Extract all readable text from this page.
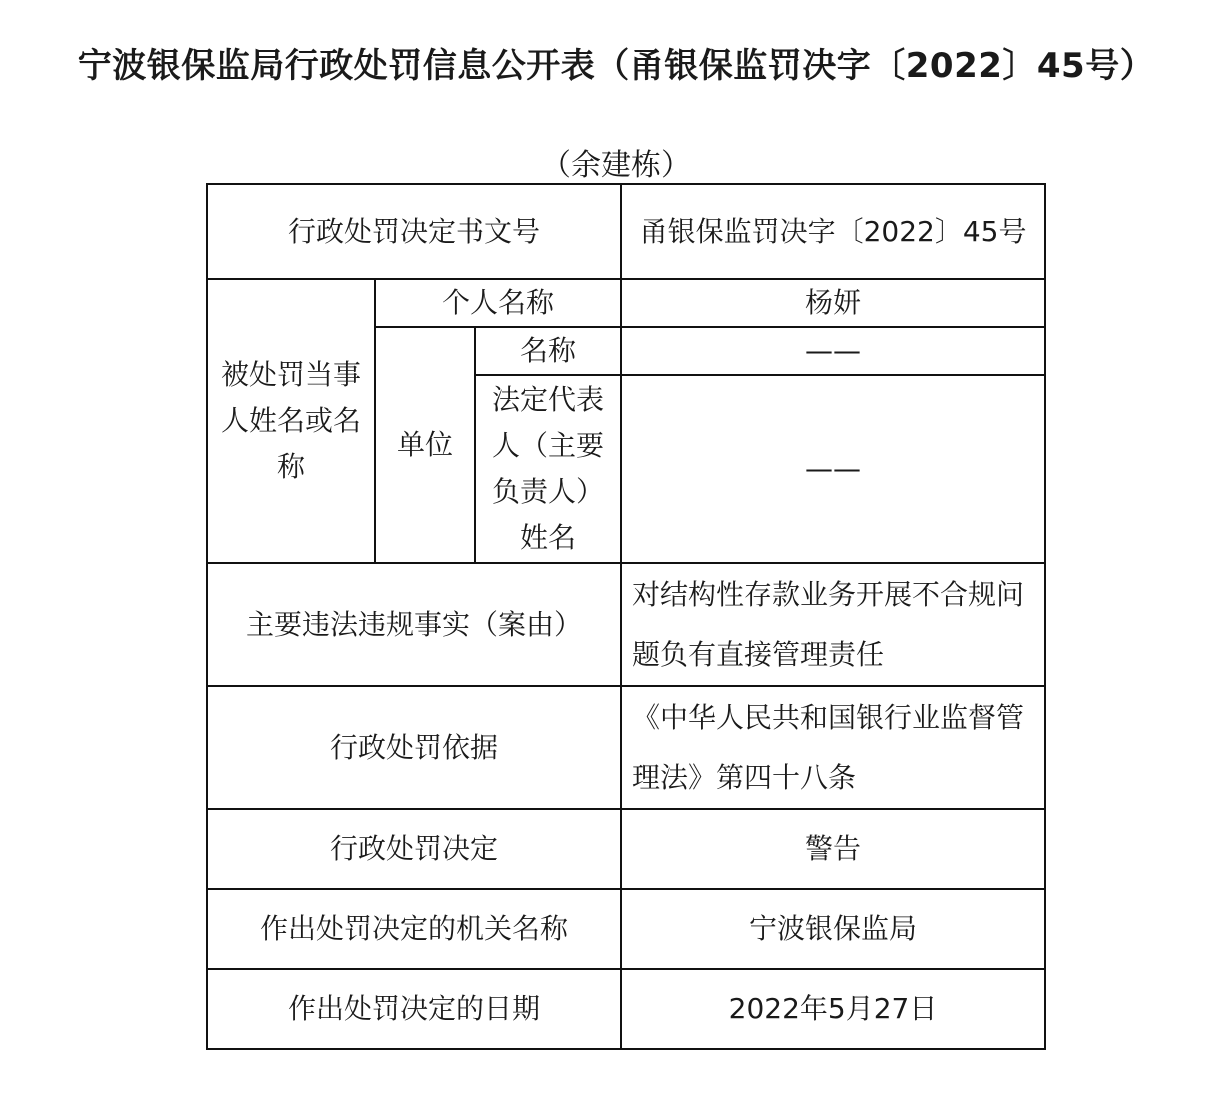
宁波银保监局行政处罚信息公开表（甬银保监罚决字〔2022〕45号）
（余建栋）
行政处罚决定书文号			甬银保监罚决字〔2022〕45号
被处罚当事人姓名或名称	个人名称		杨妍
	单位	名称	——
		法定代表人（主要负责人）姓名	——
主要违法违规事实（案由）			对结构性存款业务开展不合规问题负有直接管理责任
行政处罚依据			《中华人民共和国银行业监督管理法》第四十八条
行政处罚决定			警告
作出处罚决定的机关名称			宁波银保监局
作出处罚决定的日期			2022年5月27日
